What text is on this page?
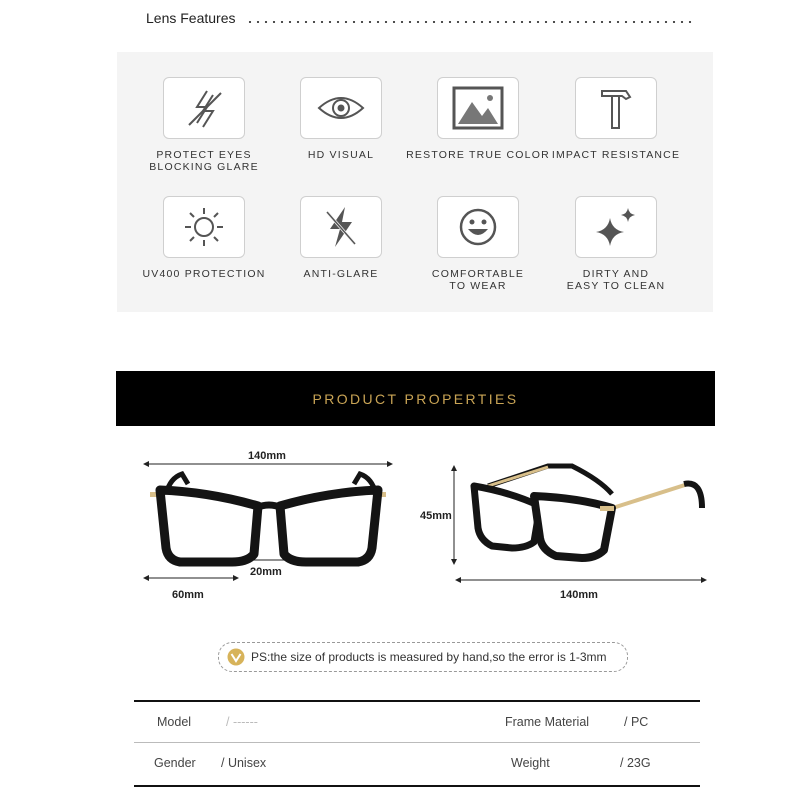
Lens Features
PROTECT EYES
BLOCKING GLARE
HD VISUAL	RESTORE TRUE COLOR IMPACT RESISTANCE
UV400 PROTECTION	ANTI-GLARE	COMFORTABLE
TO WEAR
DIRTY AND
EASY TO CLEAN
PRODUCT PROPERTIES
140mm
20mm
60mm
45mm
140mm
PS:the size of products is measured by hand,so the error is 1-3mm
Model	/ ------	Frame Material	/ PC
Gender / Unisex	Weight	/ 23G
